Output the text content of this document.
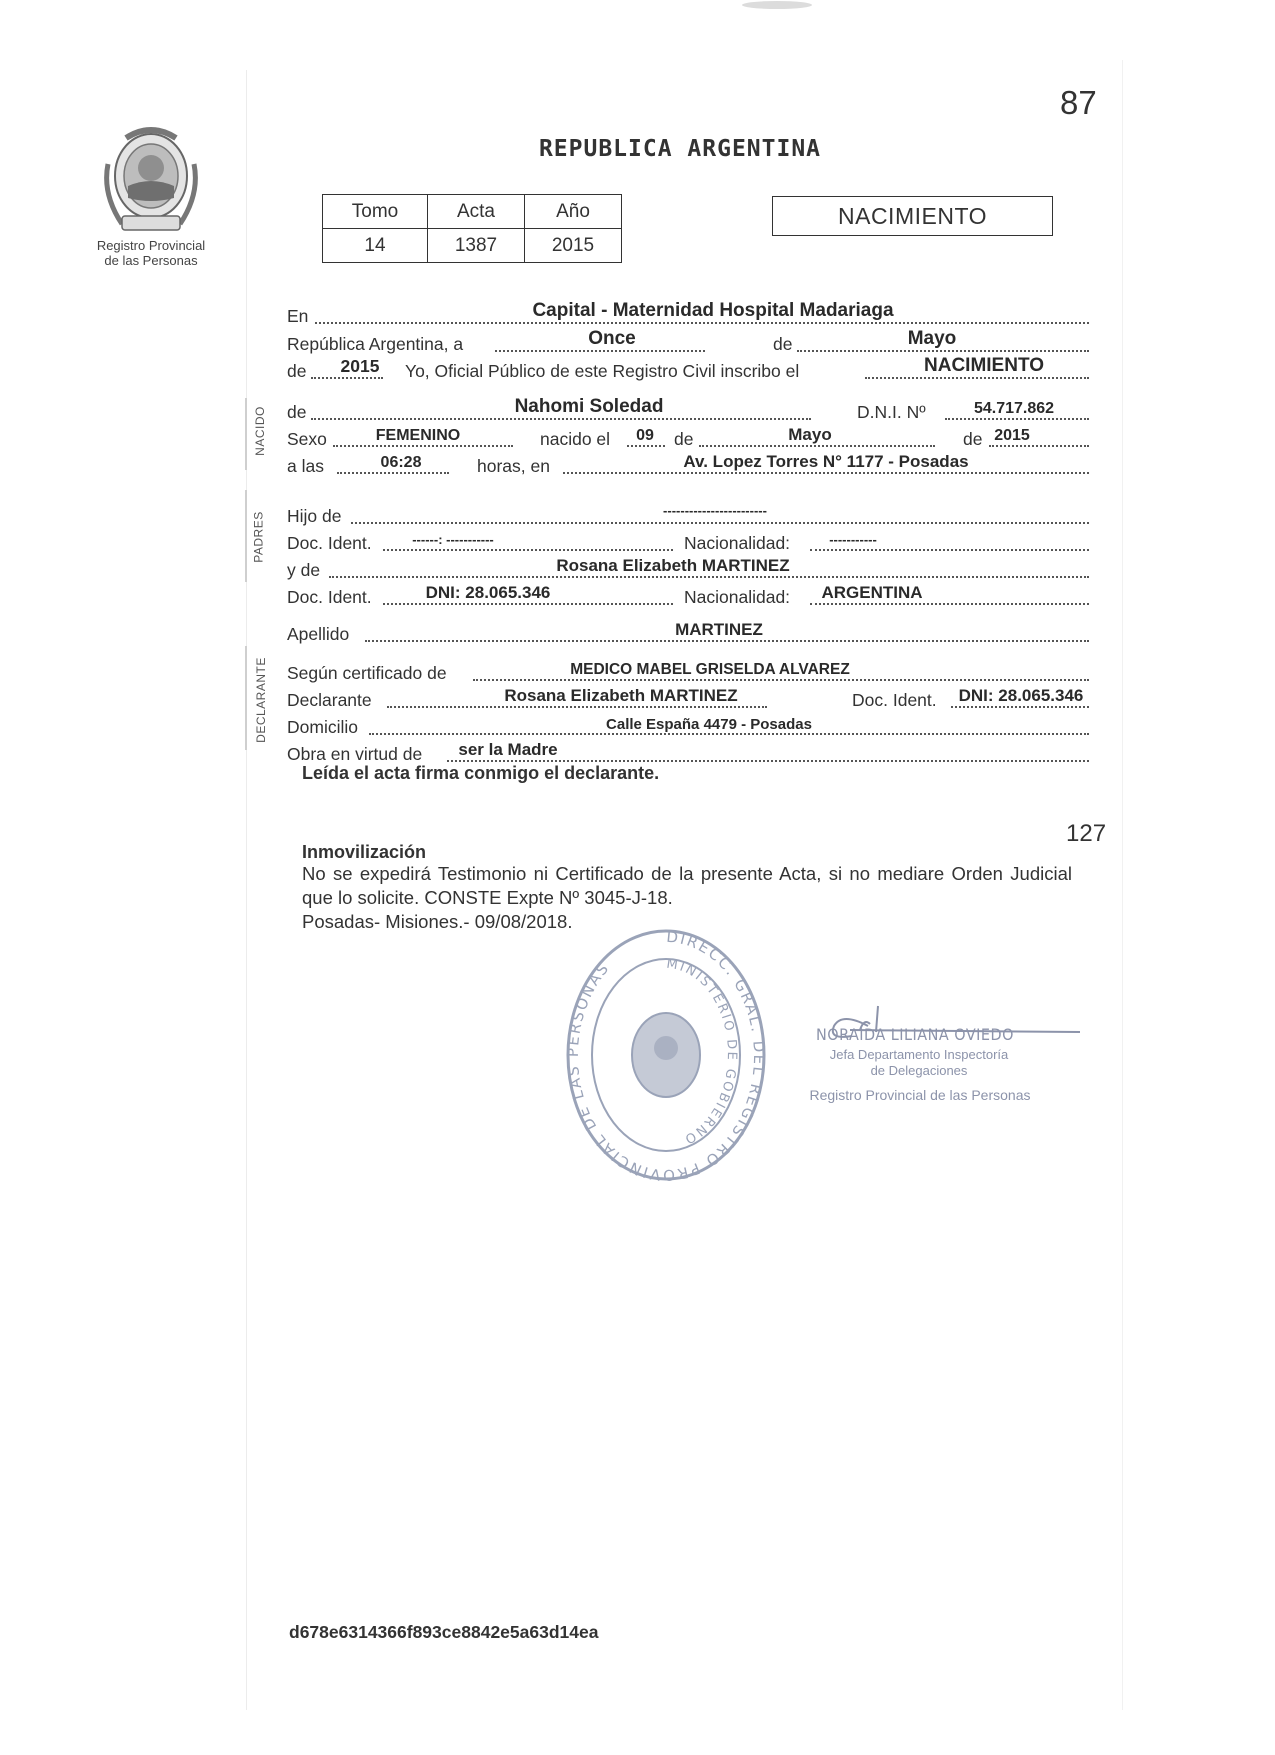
87
Registro Provincial
de las Personas
REPUBLICA ARGENTINA
Tomo	Acta	Año
14	1387	2015
NACIMIENTO
NACIDO
PADRES
DECLARANTE
En	Capital - Maternidad Hospital Madariaga
República Argentina, a	Once	de	Mayo
de 2015 Yo, Oficial Público de este Registro Civil inscribo el	NACIMIENTO
de	Nahomi Soledad	D.N.I. Nº	54.717.862
Sexo	FEMENINO	nacido el 09 de	Mayo	de 2015
a las	06:28	horas, en	Av. Lopez Torres N° 1177 - Posadas
Hijo de	------------------------
Doc. Ident.	------: -----------	Nacionalidad:	-----------
y de	Rosana Elizabeth MARTINEZ
Doc. Ident.	DNI: 28.065.346	Nacionalidad: ARGENTINA
Apellido	MARTINEZ
Según certificado de	MEDICO MABEL GRISELDA ALVAREZ
Declarante	Rosana Elizabeth MARTINEZ	Doc. Ident. DNI: 28.065.346
Domicilio	Calle España 4479 - Posadas
Obra en virtud de ser la Madre
Leída el acta firma conmigo el declarante.
127
Inmovilización

No se expedirá Testimonio ni Certificado de la presente Acta, si no mediare Orden Judicial que lo solicite. CONSTE Expte Nº 3045-J-18.

Posadas- Misiones.- 09/08/2018.

DIRECC. GRAL. DEL REGISTRO PROVINCIAL DE LAS PERSONAS	MINISTERIO DE GOBIERNO
NORAIDA LILIANA OVIEDO
Jefa Departamento Inspectoría
de Delegaciones
Registro Provincial de las Personas
d678e6314366f893ce8842e5a63d14ea
